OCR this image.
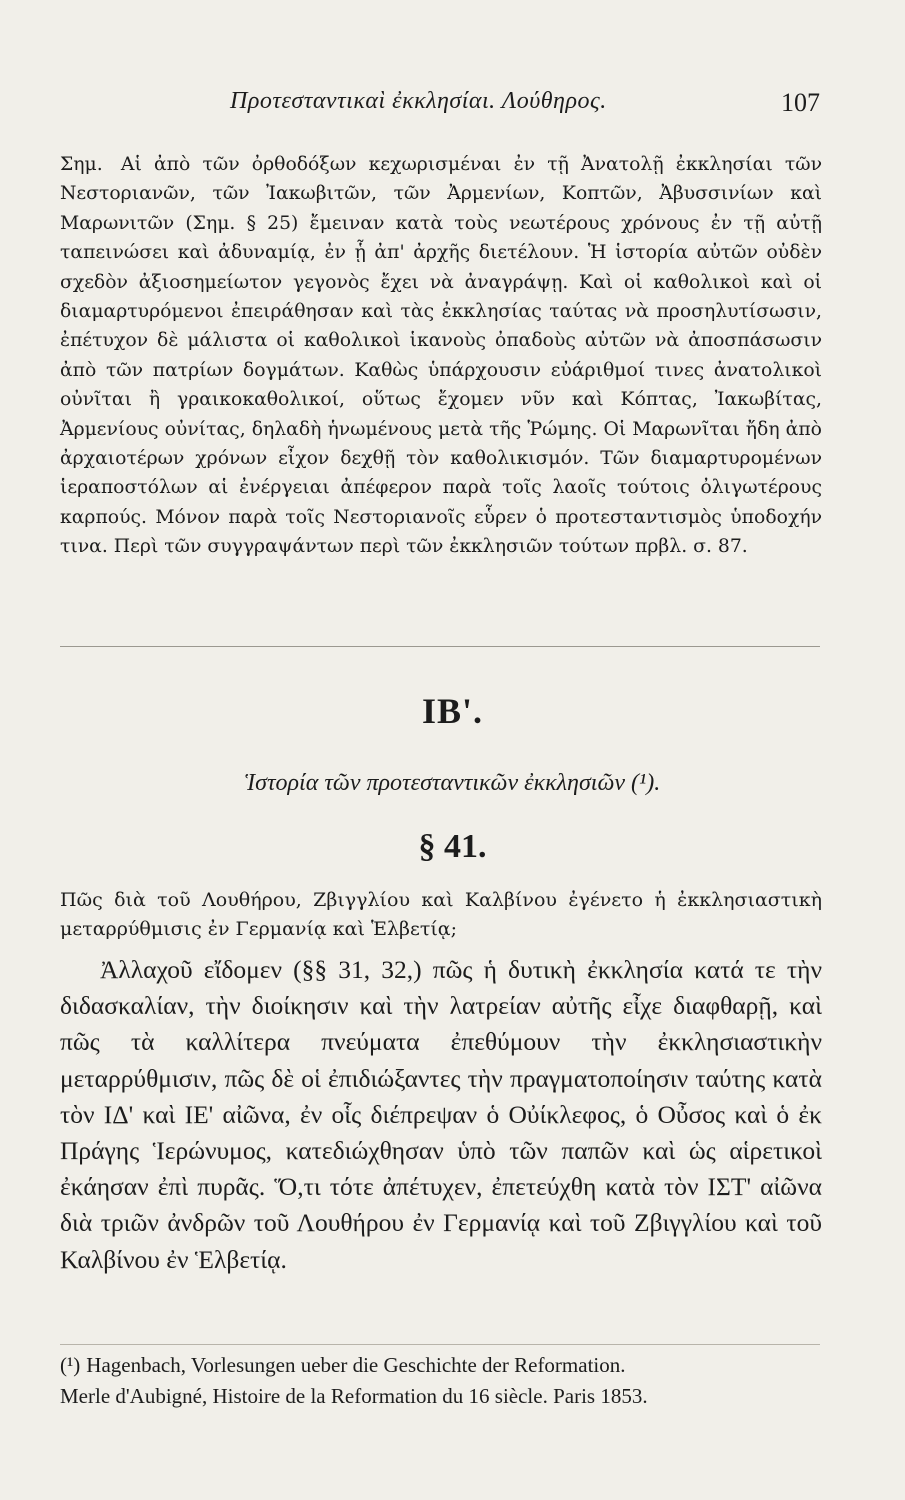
Προτεσταντικαὶ ἐκκλησίαι. Λούθηρος.	107
Σημ. Αἱ ἀπὸ τῶν ὀρθοδόξων κεχωρισμέναι ἐν τῇ Ἀνατολῇ ἐκκλησίαι τῶν Νεστοριανῶν, τῶν Ἰακωβιτῶν, τῶν Ἀρμενίων, Κοπτῶν, Ἀβυσσινίων καὶ Μαρωνιτῶν (Σημ. § 25) ἔμειναν κατὰ τοὺς νεωτέρους χρόνους ἐν τῇ αὐτῇ ταπεινώσει καὶ ἀδυναμίᾳ, ἐν ᾗ ἀπ' ἀρχῆς διετέλουν. Ἡ ἱστορία αὐτῶν οὐδὲν σχεδὸν ἀξιοσημείωτον γεγονὸς ἔχει νὰ ἀναγράψῃ. Καὶ οἱ καθολικοὶ καὶ οἱ διαμαρτυρόμενοι ἐπειράθησαν καὶ τὰς ἐκκλησίας ταύτας νὰ προσηλυτίσωσιν, ἐπέτυχον δὲ μάλιστα οἱ καθολικοὶ ἱκανοὺς ὀπαδοὺς αὐτῶν νὰ ἀποσπάσωσιν ἀπὸ τῶν πατρίων δογμάτων. Καθὼς ὑπάρχουσιν εὐάριθμοί τινες ἀνατολικοὶ οὐνῖται ἢ γραικοκαθολικοί, οὕτως ἔχομεν νῦν καὶ Κόπτας, Ἰακωβίτας, Ἀρμενίους οὐνίτας, δηλαδὴ ἡνωμένους μετὰ τῆς Ῥώμης. Οἱ Μαρωνῖται ἤδη ἀπὸ ἀρχαιοτέρων χρόνων εἶχον δεχθῇ τὸν καθολικισμόν. Τῶν διαμαρτυρομένων ἱεραποστόλων αἱ ἐνέργειαι ἀπέφερον παρὰ τοῖς λαοῖς τούτοις ὀλιγωτέρους καρπούς. Μόνον παρὰ τοῖς Νεστοριανοῖς εὗρεν ὁ προτεσταντισμὸς ὑποδοχήν τινα. Περὶ τῶν συγγραψάντων περὶ τῶν ἐκκλησιῶν τούτων πρβλ. σ. 87.
ΙΒ'.
Ἱστορία τῶν προτεσταντικῶν ἐκκλησιῶν (¹).
§ 41.
Πῶς διὰ τοῦ Λουθήρου, Ζβιγγλίου καὶ Καλβίνου ἐγένετο ἡ ἐκκλησιαστικὴ μεταρρύθμισις ἐν Γερμανίᾳ καὶ Ἑλβετίᾳ;

Ἀλλαχοῦ εἴδομεν (§§ 31, 32,) πῶς ἡ δυτικὴ ἐκκλησία κατά τε τὴν διδασκαλίαν, τὴν διοίκησιν καὶ τὴν λατρείαν αὐτῆς εἶχε διαφθαρῇ, καὶ πῶς τὰ καλλίτερα πνεύματα ἐπεθύμουν τὴν ἐκκλησιαστικὴν μεταρρύθμισιν, πῶς δὲ οἱ ἐπιδιώξαντες τὴν πραγματοποίησιν ταύτης κατὰ τὸν ΙΔ' καὶ ΙΕ' αἰῶνα, ἐν οἷς διέπρεψαν ὁ Οὐίκλεφος, ὁ Οὖσος καὶ ὁ ἐκ Πράγης Ἱερώνυμος, κατεδιώχθησαν ὑπὸ τῶν παπῶν καὶ ὡς αἱρετικοὶ ἐκάησαν ἐπὶ πυρᾶς. Ὅ,τι τότε ἀπέτυχεν, ἐπετεύχθη κατὰ τὸν ΙΣΤ' αἰῶνα διὰ τριῶν ἀνδρῶν τοῦ Λουθήρου ἐν Γερμανίᾳ καὶ τοῦ Ζβιγγλίου καὶ τοῦ Καλβίνου ἐν Ἑλβετίᾳ.

(¹) Hagenbach, Vorlesungen ueber die Geschichte der Reformation.
Merle d'Aubigné, Histoire de la Reformation du 16 siècle. Paris 1853.
